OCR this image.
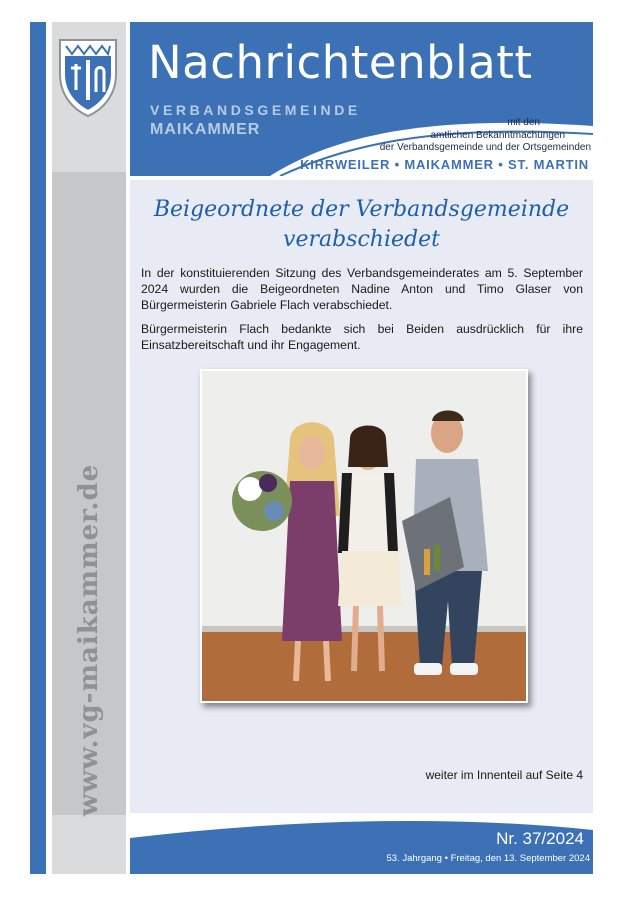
www.vg-maikammer.de
Nachrichtenblatt
VERBANDSGEMEINDE
MAIKAMMER	mit den
amtlichen Bekanntmachungen
der Verbandsgemeinde und der Ortsgemeinden
KIRRWEILER • MAIKAMMER • ST. MARTIN
Beigeordnete der Verbandsgemeinde
verabschiedet
In der konstituierenden Sitzung des Verbandsgemeinderates am 5. September 2024 wurden die Beigeordneten Nadine Anton und Timo Glaser von Bürgermeisterin Gabriele Flach verabschiedet.
Bürgermeisterin Flach bedankte sich bei Beiden ausdrücklich für ihre Einsatzbereitschaft und ihr Engagement.
weiter im Innenteil auf Seite 4
Nr. 37/2024
53. Jahrgang • Freitag, den 13. September 2024
